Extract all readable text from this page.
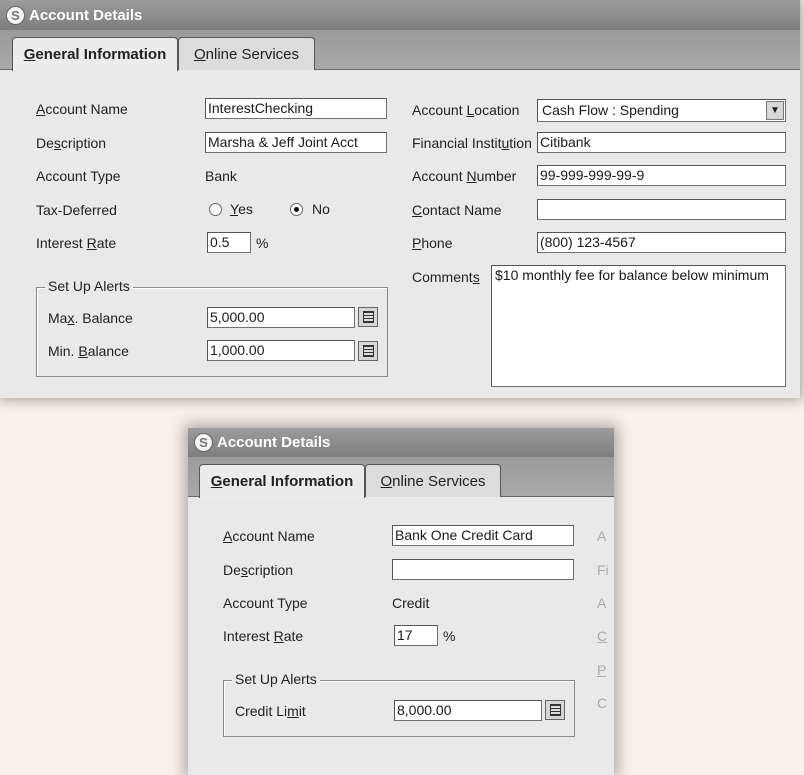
S Account Details
G eneral Information O nline Services
Account Name	InterestChecking
Description	Marsha & Jeff Joint Acct
Account Type	Bank
Tax-Deferred	Yes	No
Interest Rate	0.5	%
Set Up Alerts
Max. Balance	5,000.00
Min. Balance	1,000.00
Account Location	Cash Flow : Spending	▼
Financial Institution Citibank
Account Number 99-999-999-99-9
Contact Name
Phone	(800) 123-4567
Comments $10 monthly fee for balance below minimum
S Account Details
G eneral Information O nline Services
Account Name	Bank One Credit Card
Description
Account Type	Credit
Interest Rate	17	%
Set Up Alerts
Credit Limit	8,000.00
A
Fi
A
C
P
C
